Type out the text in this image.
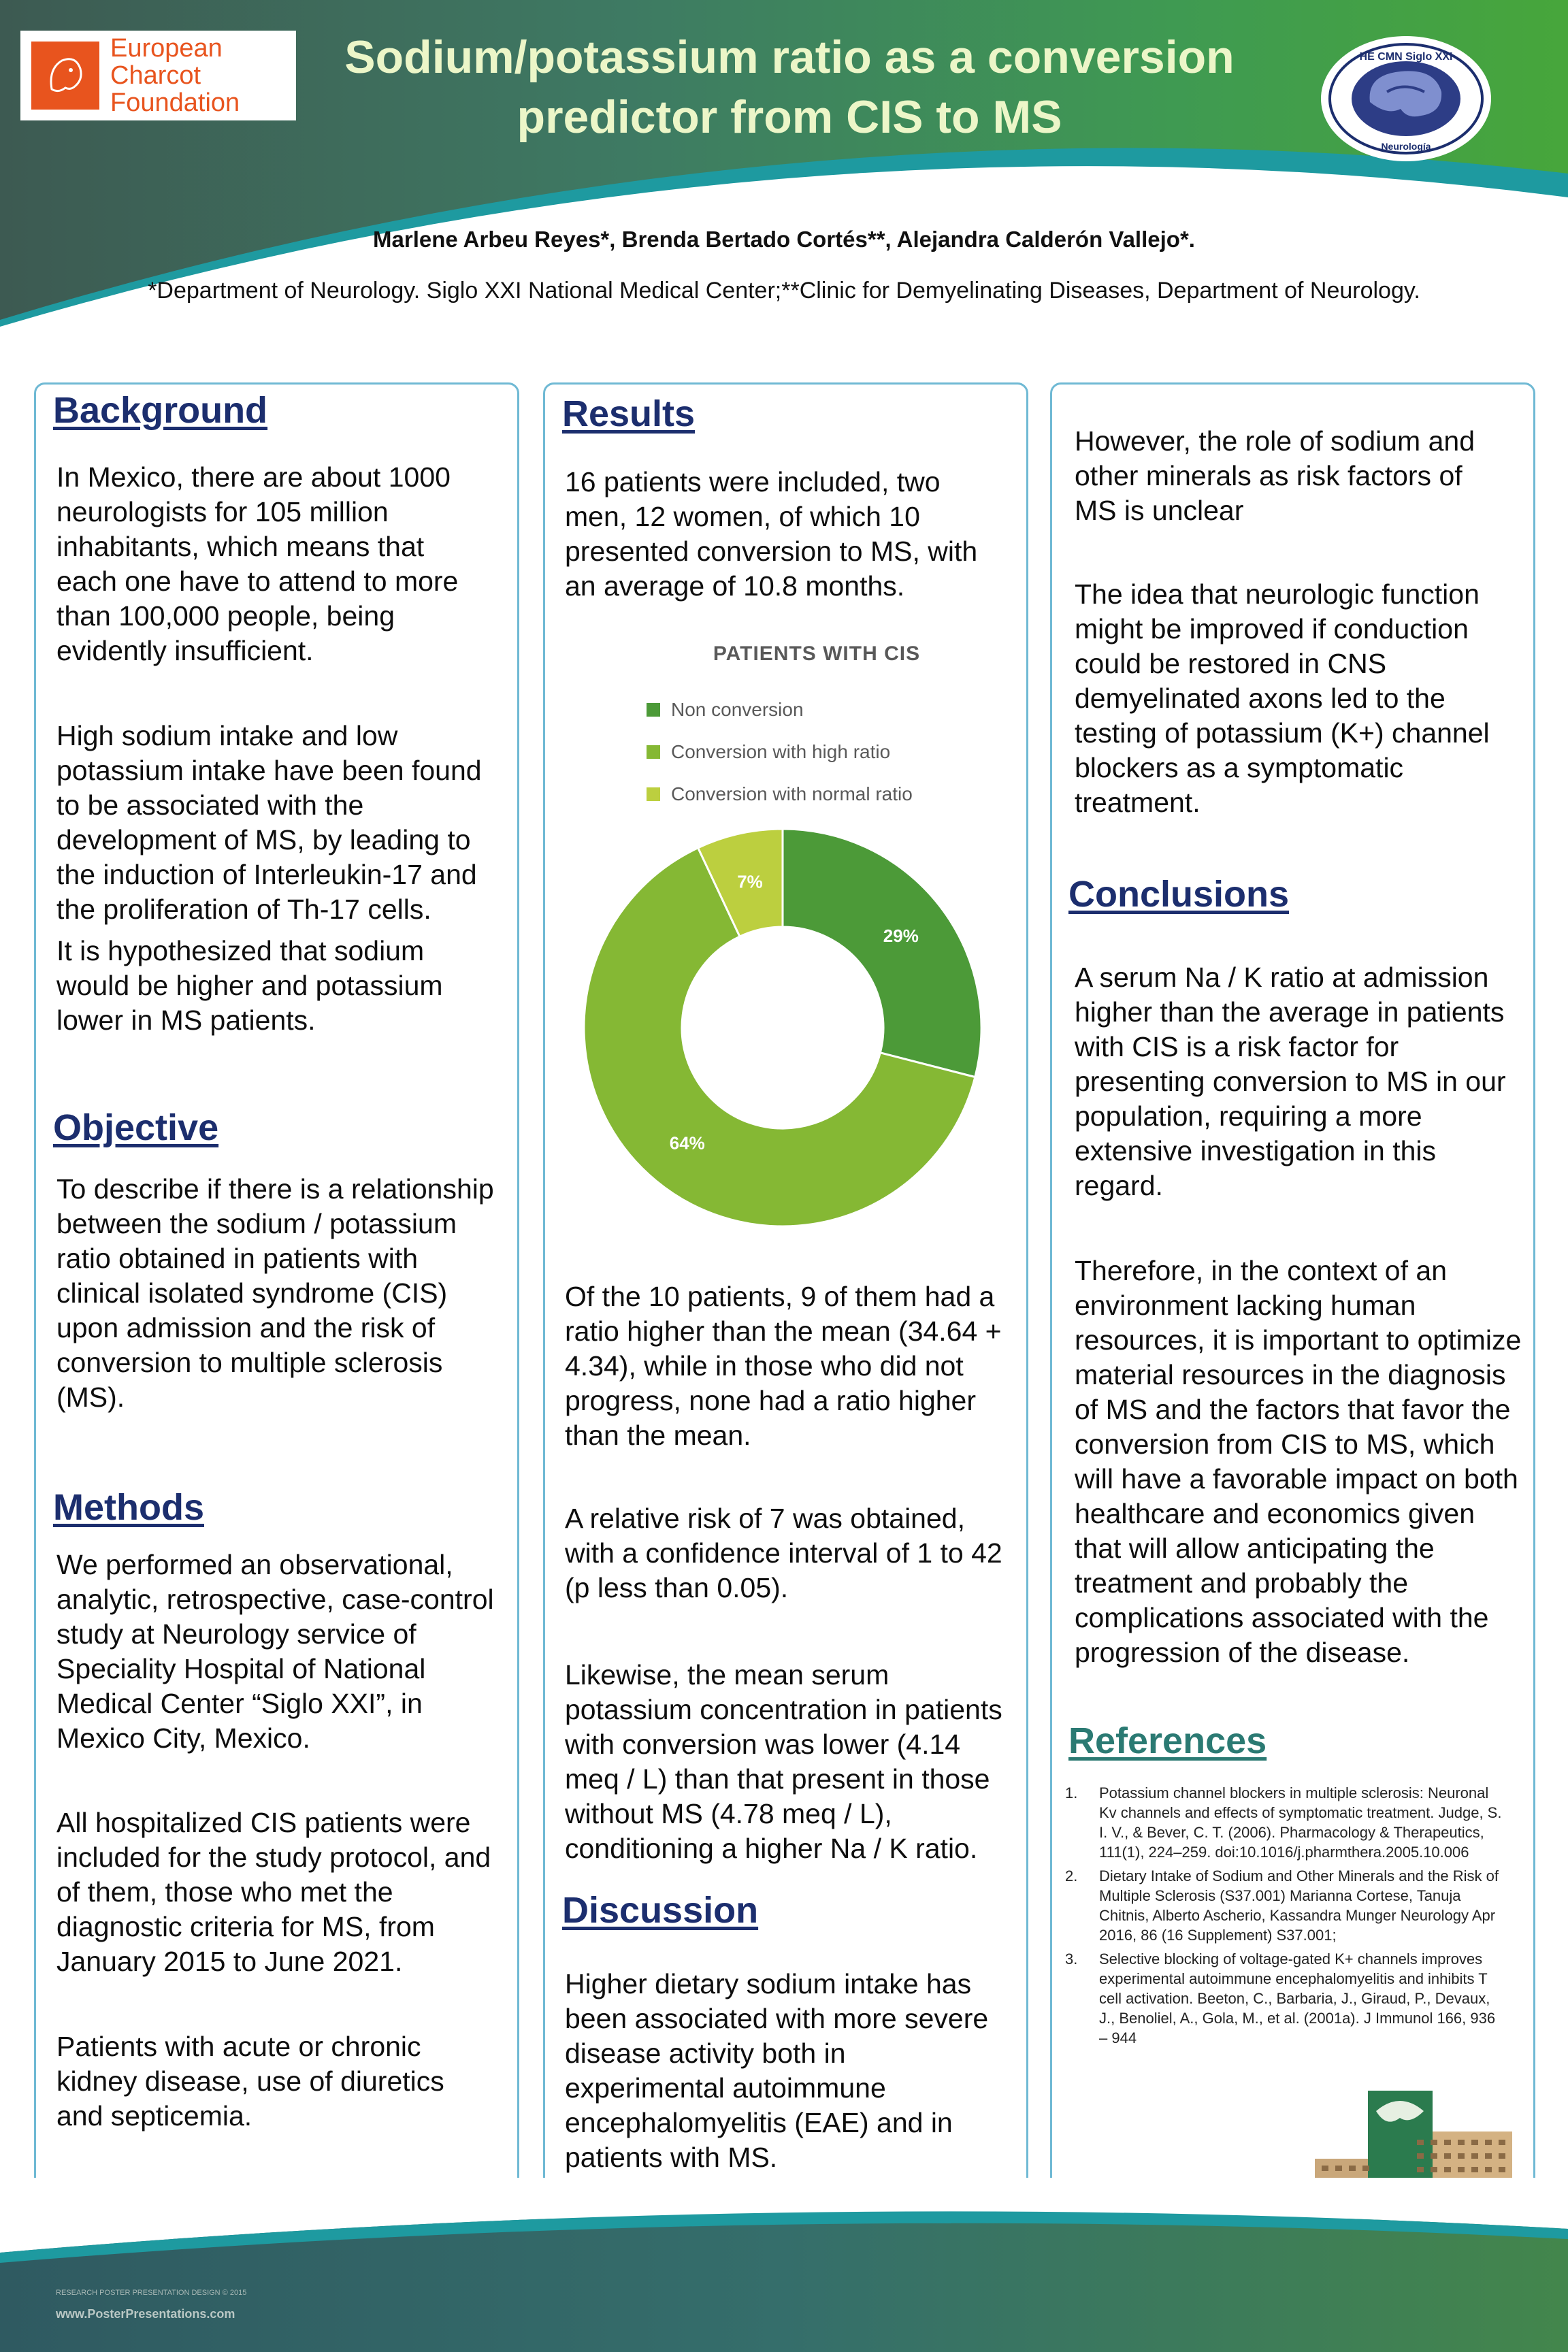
European
Charcot
Foundation
Sodium/potassium ratio as a conversion
predictor from CIS to MS
HE CMN Siglo XXI
Neurología
Marlene Arbeu Reyes*, Brenda Bertado Cortés**, Alejandra Calderón Vallejo*.
*Department of Neurology. Siglo XXI National Medical Center;**Clinic for Demyelinating Diseases, Department of Neurology.
Background
In Mexico, there are about 1000 neurologists for 105 million inhabitants, which means that each one have to attend to more than 100,000 people, being evidently insufficient.
High sodium intake and low potassium intake have been found to be associated with the development of MS, by leading to the induction of Interleukin-17 and the proliferation of Th-17 cells.
It is hypothesized that sodium would be higher and potassium lower in MS patients.
Objective
To describe if there is a relationship between the sodium / potassium ratio obtained in patients with clinical isolated syndrome (CIS) upon admission and the risk of conversion to multiple sclerosis (MS).
Methods
We performed an observational, analytic, retrospective, case-control study at Neurology service of Speciality Hospital of National Medical Center “Siglo XXI”, in Mexico City, Mexico.
All hospitalized CIS patients were included for the study protocol, and of them, those who met the diagnostic criteria for MS, from January 2015 to June 2021.
Patients with acute or chronic kidney disease, use of diuretics and septicemia.
Results
16 patients were included, two men, 12 women, of which 10 presented conversion to MS, with an average of 10.8 months.
PATIENTS WITH CIS
Non conversion
Conversion with high ratio
Conversion with normal ratio
29%
64%
7%
Of the 10 patients, 9 of them had a ratio higher than the mean (34.64 + 4.34), while in those who did not progress, none had a ratio higher than the mean.
A relative risk of 7 was obtained, with a confidence interval of 1 to 42 (p less than 0.05).
Likewise, the mean serum potassium concentration in patients with conversion was lower (4.14 meq / L) than that present in those without MS (4.78 meq / L), conditioning a higher Na / K ratio.
Discussion
Higher dietary sodium intake has been associated with more severe disease activity both in experimental autoimmune encephalomyelitis (EAE) and in patients with MS.
However, the role of sodium and other minerals as risk factors of MS is unclear
The idea that neurologic function might be improved if conduction could be restored in CNS demyelinated axons led to the testing of potassium (K+) channel blockers as a symptomatic treatment.
Conclusions
A serum Na / K ratio at admission higher than the average in patients with CIS is a risk factor for presenting conversion to MS in our population, requiring a more extensive investigation in this regard.
Therefore, in the context of an environment lacking human resources, it is important to optimize material resources in the diagnosis of MS and the factors that favor the conversion from CIS to MS, which will have a favorable impact on both healthcare and economics given that will allow anticipating the treatment and probably the complications associated with the progression of the disease.
References
1.	Potassium channel blockers in multiple sclerosis: Neuronal Kv channels and effects of symptomatic treatment. Judge, S. I. V., & Bever, C. T. (2006). Pharmacology & Therapeutics, 111(1), 224–259. doi:10.1016/j.pharmthera.2005.10.006
2.	Dietary Intake of Sodium and Other Minerals and the Risk of Multiple Sclerosis (S37.001) Marianna Cortese, Tanuja Chitnis, Alberto Ascherio, Kassandra Munger Neurology Apr 2016, 86 (16 Supplement) S37.001;
3.	Selective blocking of voltage-gated K+ channels improves experimental autoimmune encephalomyelitis and inhibits T cell activation. Beeton, C., Barbaria, J., Giraud, P., Devaux, J., Benoliel, A., Gola, M., et al. (2001a). J Immunol 166, 936 – 944
RESEARCH POSTER PRESENTATION DESIGN © 2015
www.PosterPresentations.com
